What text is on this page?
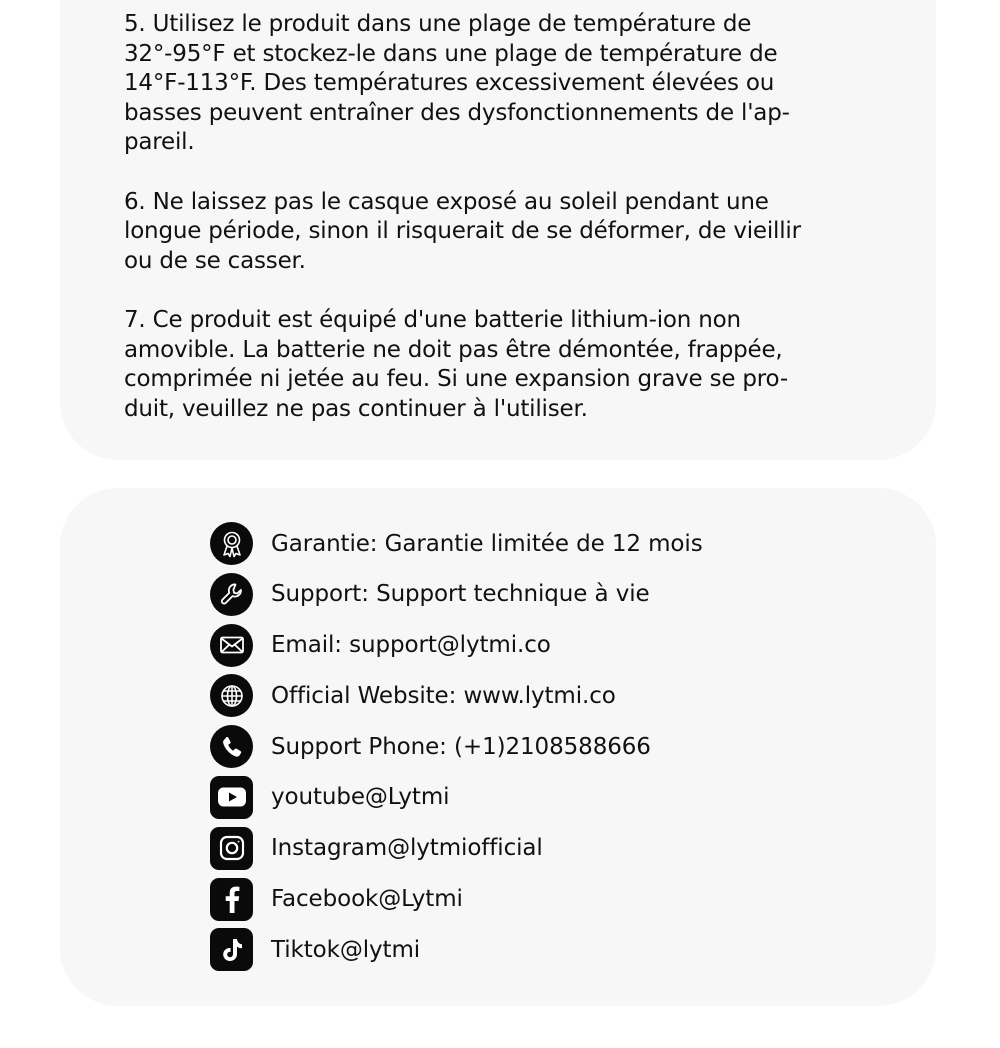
5. Utilisez le produit dans une plage de température de
32°-95°F et stockez-le dans une plage de température de
14°F-113°F. Des températures excessivement élevées ou
basses peuvent entraîner des dysfonctionnements de l'ap-
pareil.

6. Ne laissez pas le casque exposé au soleil pendant une
longue période, sinon il risquerait de se déformer, de vieillir
ou de se casser.

7. Ce produit est équipé d'une batterie lithium-ion non
amovible. La batterie ne doit pas être démontée, frappée,
comprimée ni jetée au feu. Si une expansion grave se pro-
duit, veuillez ne pas continuer à l'utiliser.

Garantie: Garantie limitée de 12 mois
Support: Support technique à vie
Email: support@lytmi.co
Official Website: www.lytmi.co
Support Phone: (+1)2108588666
youtube@Lytmi
Instagram@lytmiofficial
Facebook@Lytmi
Tiktok@lytmi
